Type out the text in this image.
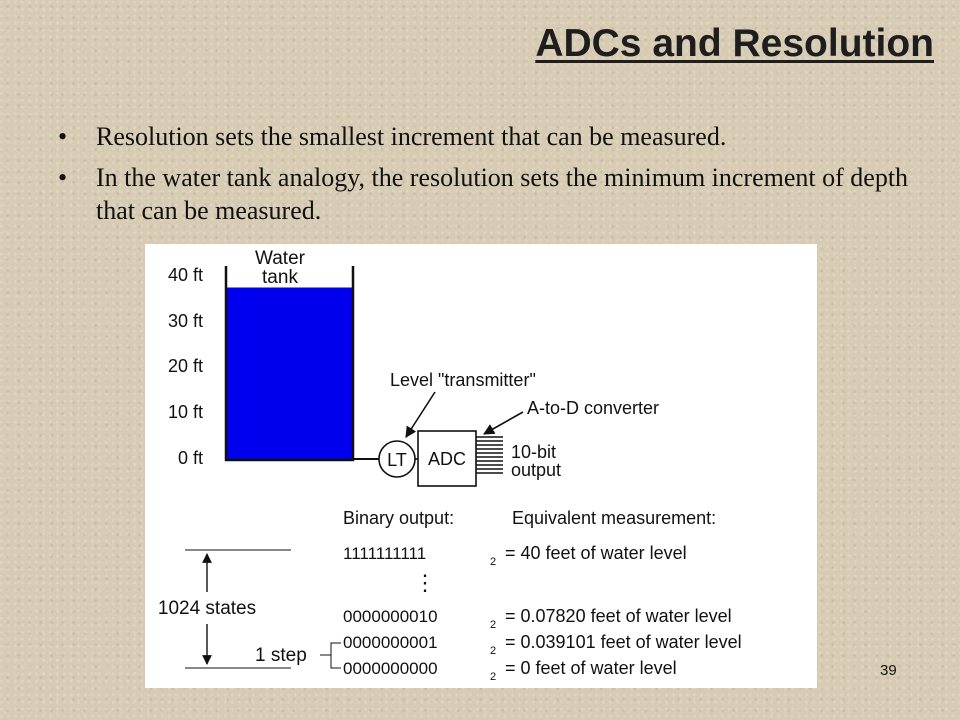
ADCs and Resolution
• Resolution sets the smallest increment that can be measured.
• In the water tank analogy, the resolution sets the minimum increment of depth that can be measured.
Water
tank
40 ft
30 ft
20 ft
10 ft
0 ft	LT ADC
Level "transmitter"
A-to-D converter
10-bit
output
Binary output:	Equivalent measurement:
1111111111	2 = 40 feet of water level
⋮
0000000010	2 = 0.07820 feet of water level
0000000001	2 = 0.039101 feet of water level
0000000000	2 = 0 feet of water level
1024 states
1 step
39
